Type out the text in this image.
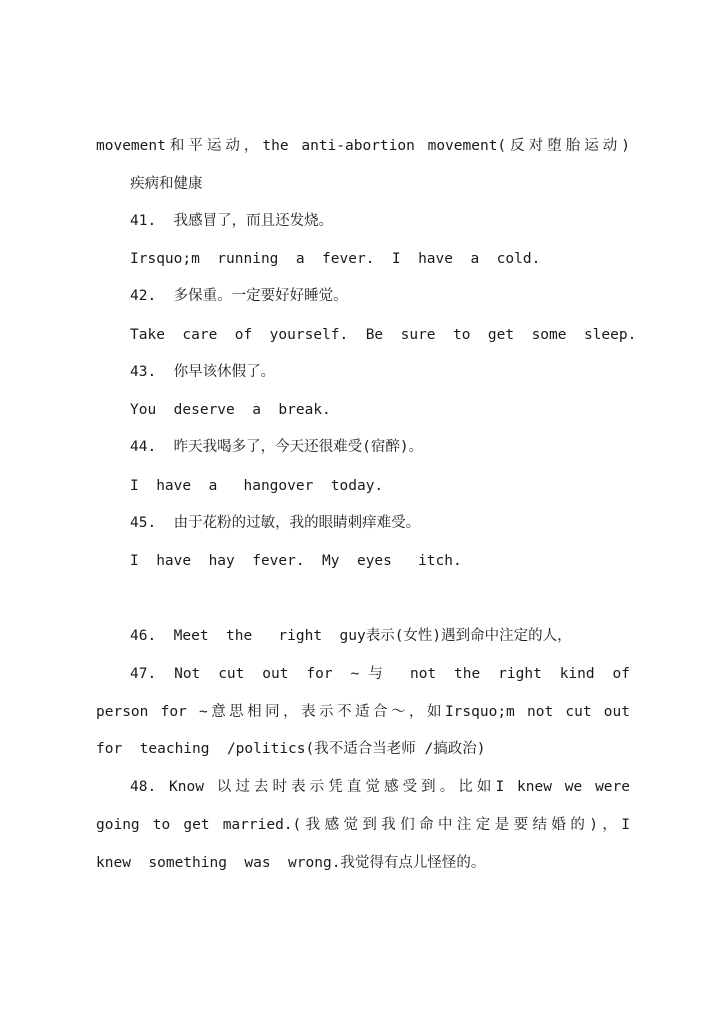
movement和平运动，the anti-abortion movement(反对堕胎运动)
疾病和健康
41.  我感冒了，而且还发烧。
Irsquo;m  running  a  fever.  I  have  a  cold.
42.  多保重。一定要好好睡觉。
Take  care  of  yourself.  Be  sure  to  get  some  sleep.
43.  你早该休假了。
You  deserve  a  break.
44.  昨天我喝多了，今天还很难受(宿醉)。
I  have  a   hangover  today.
45.  由于花粉的过敏，我的眼睛刺痒难受。
I  have  hay  fever.  My  eyes   itch.
46.  Meet  the   right  guy表示(女性)遇到命中注定的人，
47. Not cut out for ~与 not the right kind of
person for ~意思相同，表示不适合～，如Irsquo;m not cut out
for  teaching  /politics(我不适合当老师 /搞政治)
48. Know 以过去时表示凭直觉感受到。比如I knew we were
going to get married.(我感觉到我们命中注定是要结婚的)，I
knew  something  was  wrong.我觉得有点儿怪怪的。
